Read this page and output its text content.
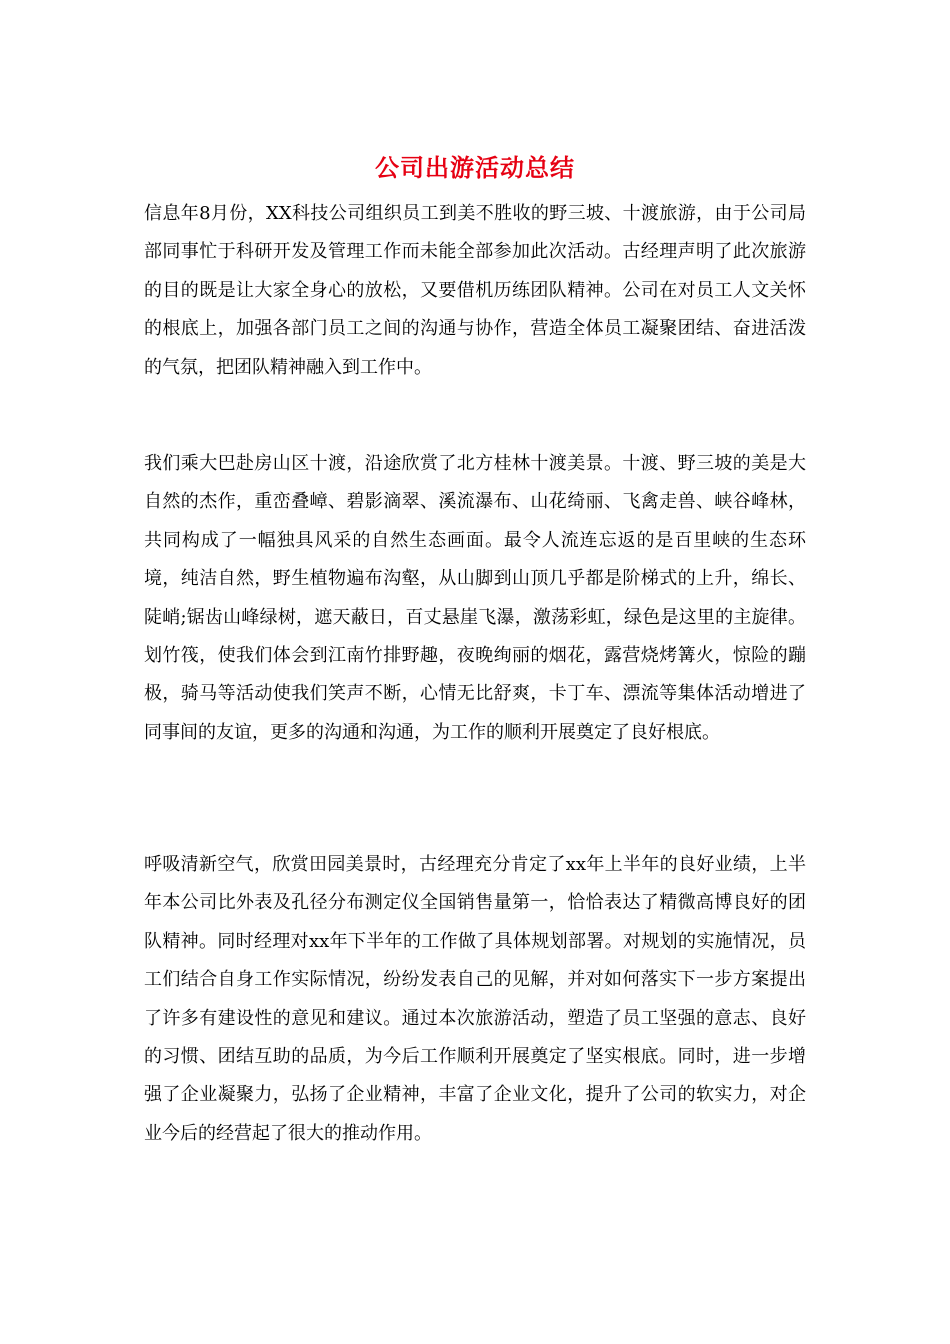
公司出游活动总结

信息年8月份，XX科技公司组织员工到美不胜收的野三坡、十渡旅游，由于公司局部同事忙于科研开发及管理工作而未能全部参加此次活动。古经理声明了此次旅游的目的既是让大家全身心的放松，又要借机历练团队精神。公司在对员工人文关怀的根底上，加强各部门员工之间的沟通与协作，营造全体员工凝聚团结、奋进活泼的气氛，把团队精神融入到工作中。

我们乘大巴赴房山区十渡，沿途欣赏了北方桂林十渡美景。十渡、野三坡的美是大自然的杰作，重峦叠嶂、碧影滴翠、溪流瀑布、山花绮丽、飞禽走兽、峡谷峰林，共同构成了一幅独具风采的自然生态画面。最令人流连忘返的是百里峡的生态环境，纯洁自然，野生植物遍布沟壑，从山脚到山顶几乎都是阶梯式的上升，绵长、陡峭;锯齿山峰绿树，遮天蔽日，百丈悬崖飞瀑，激荡彩虹，绿色是这里的主旋律。划竹筏，使我们体会到江南竹排野趣，夜晚绚丽的烟花，露营烧烤篝火，惊险的蹦极，骑马等活动使我们笑声不断，心情无比舒爽，卡丁车、漂流等集体活动增进了同事间的友谊，更多的沟通和沟通，为工作的顺利开展奠定了良好根底。

呼吸清新空气，欣赏田园美景时，古经理充分肯定了xx年上半年的良好业绩，上半年本公司比外表及孔径分布测定仪全国销售量第一，恰恰表达了精微高博良好的团队精神。同时经理对xx年下半年的工作做了具体规划部署。对规划的实施情况，员工们结合自身工作实际情况，纷纷发表自己的见解，并对如何落实下一步方案提出了许多有建设性的意见和建议。通过本次旅游活动，塑造了员工坚强的意志、良好的习惯、团结互助的品质，为今后工作顺利开展奠定了坚实根底。同时，进一步增强了企业凝聚力，弘扬了企业精神，丰富了企业文化，提升了公司的软实力，对企业今后的经营起了很大的推动作用。
